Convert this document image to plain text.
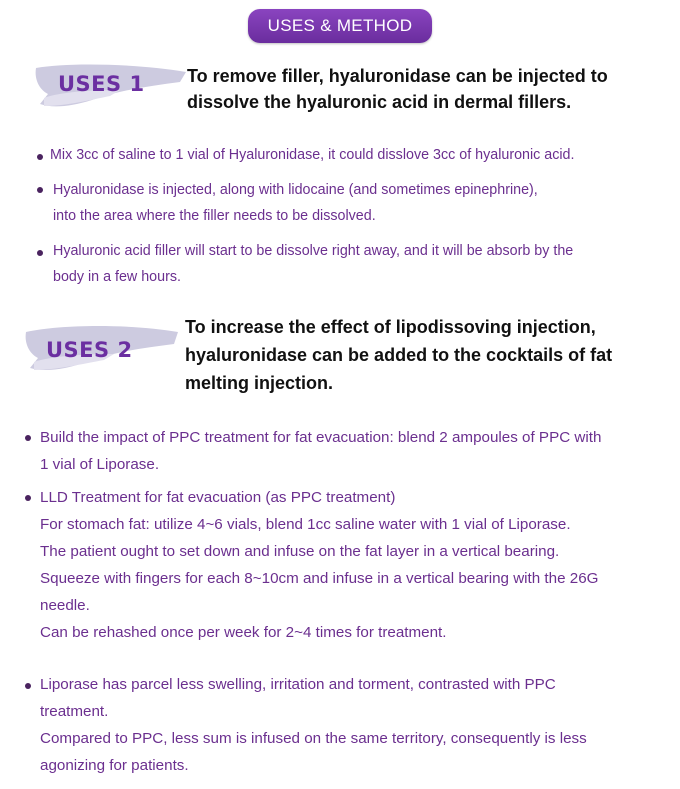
USES & METHOD
USES 1 To remove filler, hyaluronidase can be injected to

dissolve the hyaluronic acid in dermal fillers.

Mix 3cc of saline to 1 vial of Hyaluronidase, it could disslove 3cc of hyaluronic acid.

Hyaluronidase is injected, along with lidocaine (and sometimes epinephrine),

into the area where the filler needs to be dissolved.

Hyaluronic acid filler will start to be dissolve right away, and it will be absorb by the

body in a few hours.

USES 2

To increase the effect of lipodissoving injection,

hyaluronidase can be added to the cocktails of fat

melting injection.

Build the impact of PPC treatment for fat evacuation: blend 2 ampoules of PPC with

1 vial of Liporase.

LLD Treatment for fat evacuation (as PPC treatment)

For stomach fat: utilize 4~6 vials, blend 1cc saline water with 1 vial of Liporase.

The patient ought to set down and infuse on the fat layer in a vertical bearing.

Squeeze with fingers for each 8~10cm and infuse in a vertical bearing with the 26G

needle.

Can be rehashed once per week for 2~4 times for treatment.

Liporase has parcel less swelling, irritation and torment, contrasted with PPC

treatment.

Compared to PPC, less sum is infused on the same territory, consequently is less

agonizing for patients.
